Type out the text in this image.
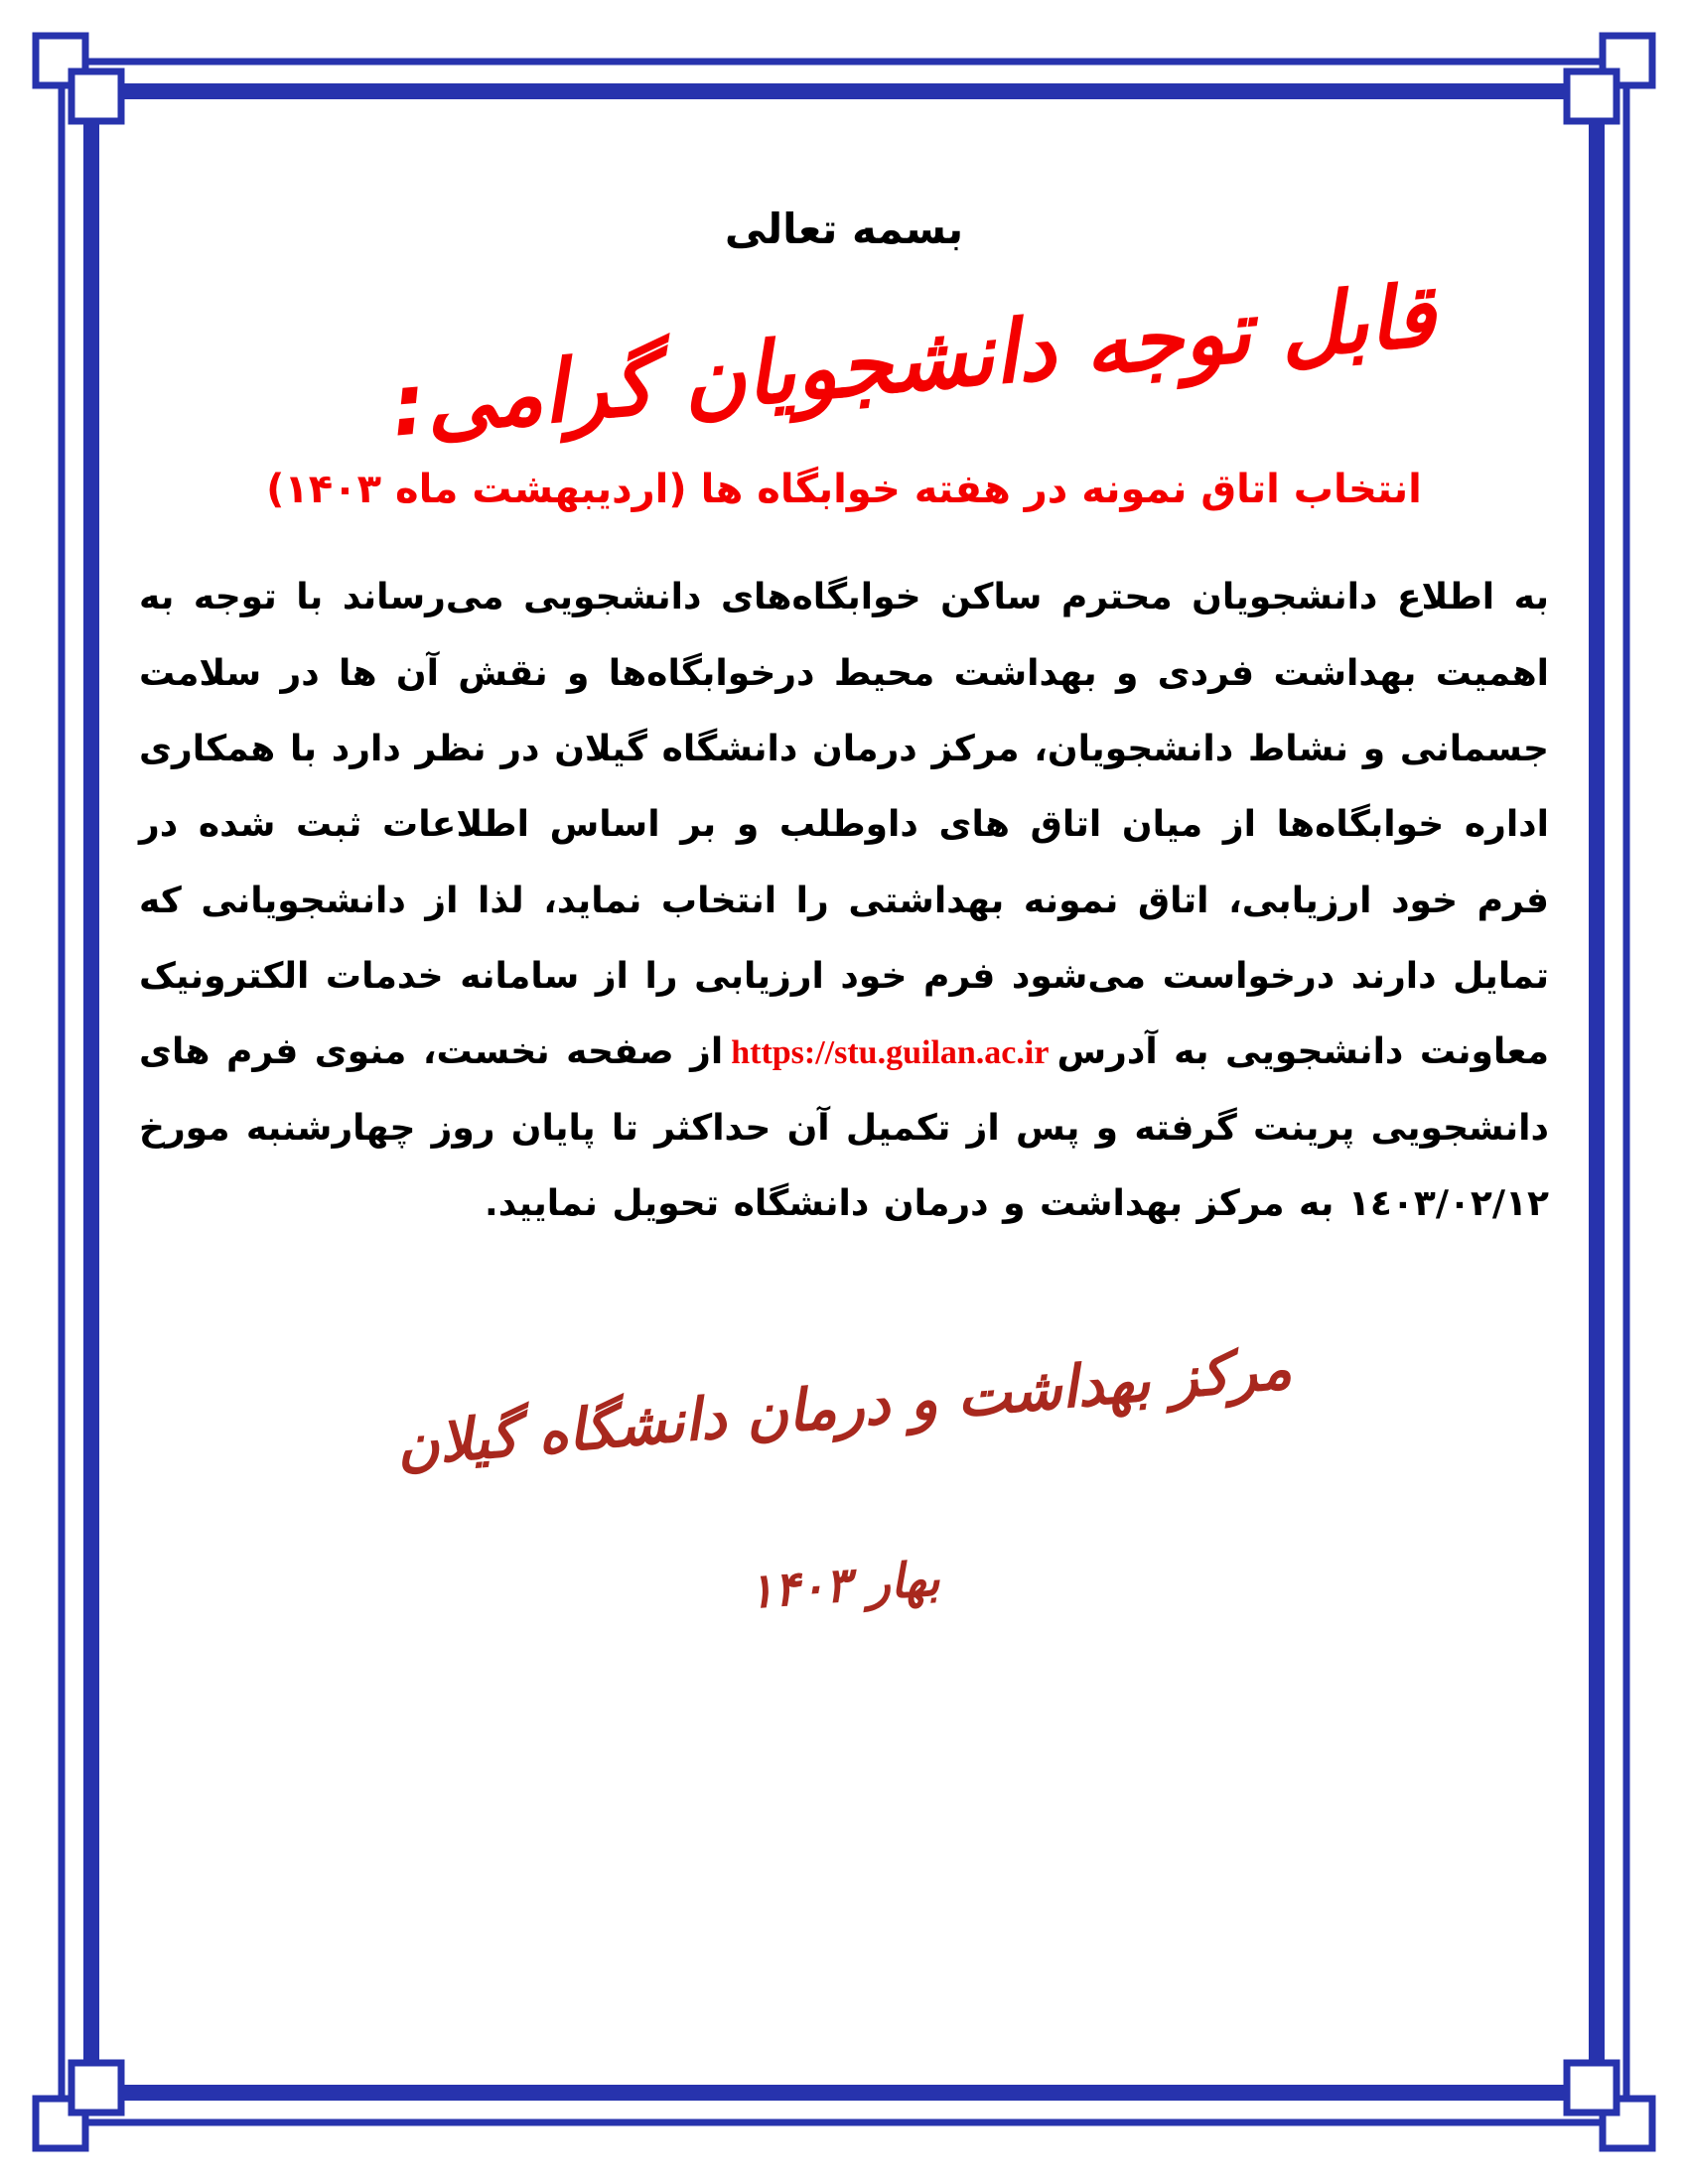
بسمه تعالی
قابل توجه دانشجویان گرامی:
انتخاب اتاق نمونه در هفته خوابگاه ها (اردیبهشت ماه ۱۴۰۳)

به اطلاع دانشجویان محترم ساکن خوابگاه‌های دانشجویی می‌رساند با توجه به اهمیت بهداشت فردی و بهداشت محیط درخوابگاه‌ها و نقش آن ها در سلامت جسمانی و نشاط دانشجویان، مرکز درمان دانشگاه گیلان در نظر دارد با همکاری اداره خوابگاه‌ها از میان اتاق های داوطلب و بر اساس اطلاعات ثبت شده در فرم خود ارزیابی، اتاق نمونه بهداشتی را انتخاب نماید، لذا از دانشجویانی که تمایل دارند درخواست می‌شود فرم خود ارزیابی را از سامانه خدمات الکترونیک معاونت دانشجویی به آدرسhttps://stu.guilan.ac.irاز صفحه نخست، منوی فرم های دانشجویی پرینت گرفته و پس از تکمیل آن حداکثر تا پایان روز چهارشنبه مورخ ١٤٠٣/٠٢/١٢ به مرکز بهداشت و درمان دانشگاه تحویل نمایید.

مرکز بهداشت و درمان دانشگاه گیلان
بهار ۱۴۰۳
